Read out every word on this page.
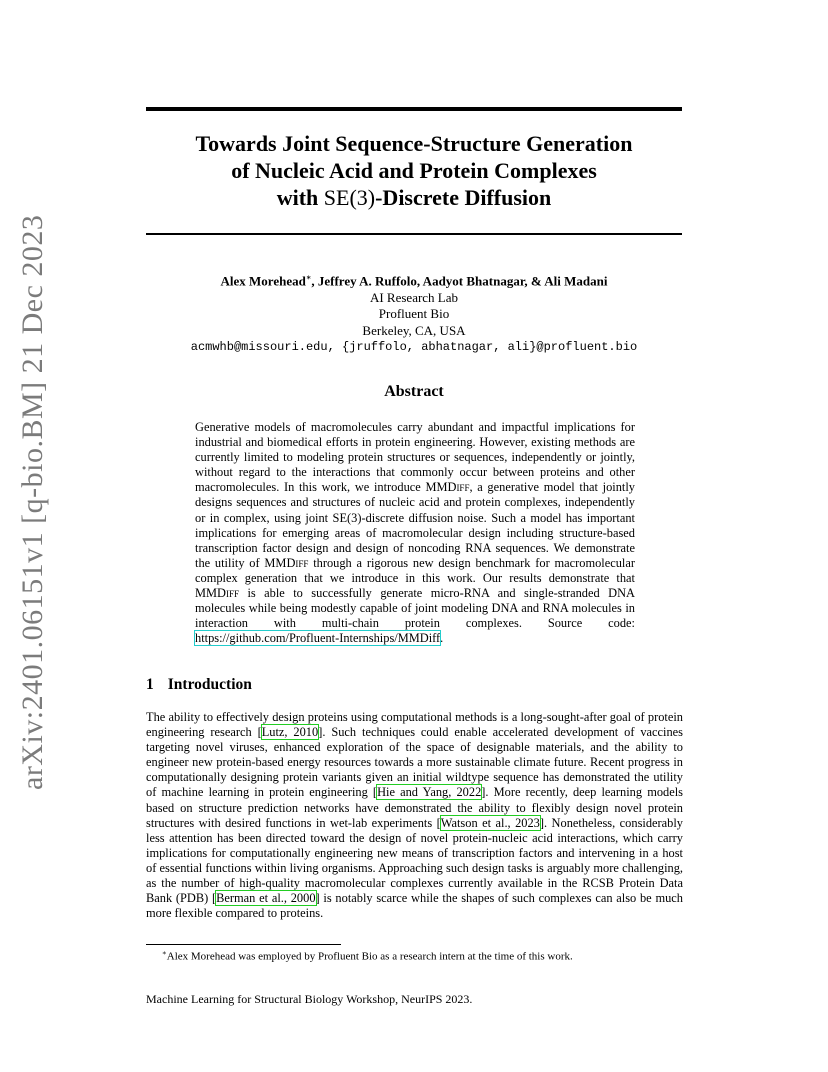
arXiv:2401.06151v1 [q-bio.BM] 21 Dec 2023
Towards Joint Sequence-Structure Generation
of Nucleic Acid and Protein Complexes
with SE(3)-Discrete Diffusion
Alex Morehead∗, Jeffrey A. Ruffolo, Aadyot Bhatnagar, & Ali Madani
AI Research Lab
Profluent Bio
Berkeley, CA, USA
acmwhb@missouri.edu, {jruffolo, abhatnagar, ali}@profluent.bio
Abstract
Generative models of macromolecules carry abundant and impactful implications for industrial and biomedical efforts in protein engineering. However, existing methods are currently limited to modeling protein structures or sequences, independently or jointly, without regard to the interactions that commonly occur between proteins and other macromolecules. In this work, we introduce MMDiff, a generative model that jointly designs sequences and structures of nucleic acid and protein complexes, independently or in complex, using joint SE(3)-discrete diffusion noise. Such a model has important implications for emerging areas of macromolecular design including structure-based transcription factor design and design of noncoding RNA sequences. We demonstrate the utility of MMDiff through a rigorous new design benchmark for macromolecular complex generation that we introduce in this work. Our results demonstrate that MMDiff is able to successfully generate micro-RNA and single-stranded DNA molecules while being modestly capable of joint modeling DNA and RNA molecules in interaction with multi-chain protein complexes. Source code: https://github.com/Profluent-Internships/MMDiff.
1 Introduction
The ability to effectively design proteins using computational methods is a long-sought-after goal of protein engineering research [Lutz, 2010]. Such techniques could enable accelerated development of vaccines targeting novel viruses, enhanced exploration of the space of designable materials, and the ability to engineer new protein-based energy resources towards a more sustainable climate future. Recent progress in computationally designing protein variants given an initial wildtype sequence has demonstrated the utility of machine learning in protein engineering [Hie and Yang, 2022]. More recently, deep learning models based on structure prediction networks have demonstrated the ability to flexibly design novel protein structures with desired functions in wet-lab experiments [Watson et al., 2023]. Nonetheless, considerably less attention has been directed toward the design of novel protein-nucleic acid interactions, which carry implications for computationally engineering new means of transcription factors and intervening in a host of essential functions within living organisms. Approaching such design tasks is arguably more challenging, as the number of high-quality macromolecular complexes currently available in the RCSB Protein Data Bank (PDB) [Berman et al., 2000] is notably scarce while the shapes of such complexes can also be much more flexible compared to proteins.
∗Alex Morehead was employed by Profluent Bio as a research intern at the time of this work.
Machine Learning for Structural Biology Workshop, NeurIPS 2023.
